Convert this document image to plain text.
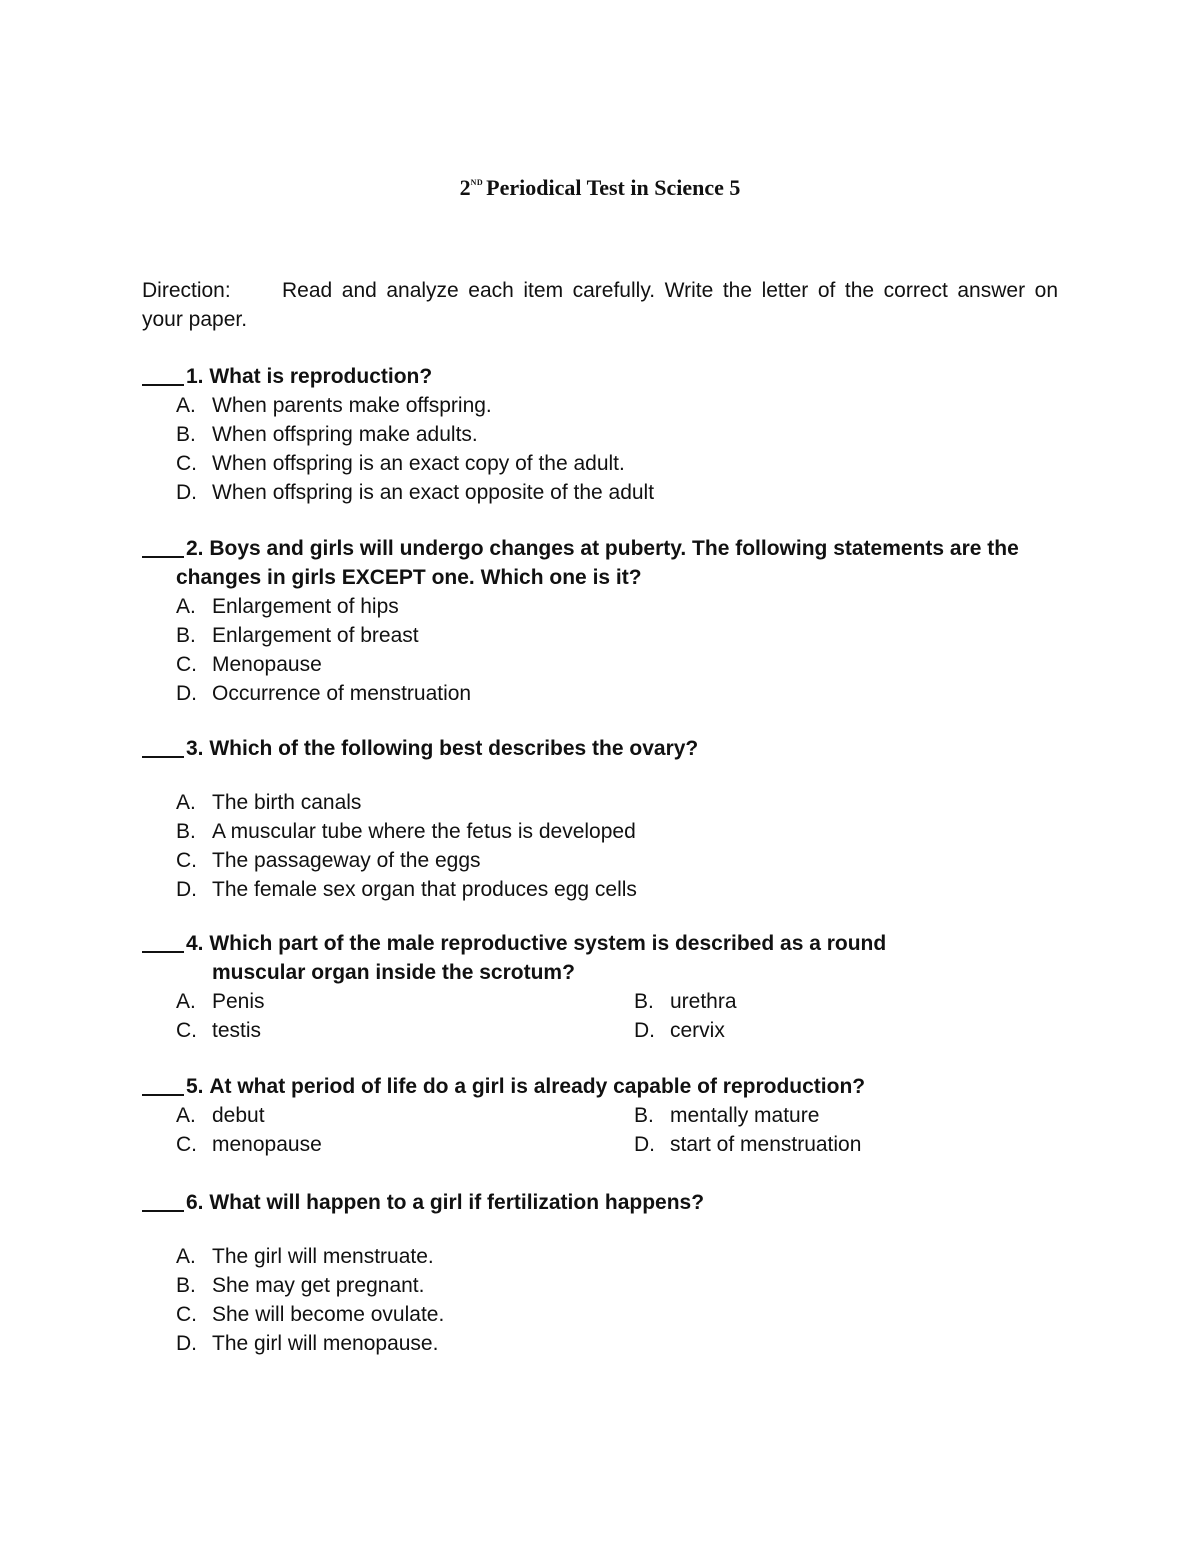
2ND Periodical Test in Science 5
Direction:	Read and analyze each item carefully. Write the letter of the correct answer on
your paper.
1.
What is reproduction?
A. When parents make offspring.
B. When offspring make adults.
C. When offspring is an exact copy of the adult.
D. When offspring is an exact opposite of the adult
2.
Boys and girls will undergo changes at puberty. The following statements are the
changes in girls EXCEPT one. Which one is it?
A. Enlargement of hips
B. Enlargement of breast
C. Menopause
D. Occurrence of menstruation
3.
Which of the following best describes the ovary?
A. The birth canals
B. A muscular tube where the fetus is developed
C. The passageway of the eggs
D. The female sex organ that produces egg cells
4.
Which part of the male reproductive system is described as a round
muscular organ inside the scrotum?
A. Penis	B. urethra
C. testis	D. cervix
5.
At what period of life do a girl is already capable of reproduction?
A. debut	B. mentally mature
C. menopause	D. start of menstruation
6.
What will happen to a girl if fertilization happens?
A. The girl will menstruate.
B. She may get pregnant.
C. She will become ovulate.
D. The girl will menopause.
